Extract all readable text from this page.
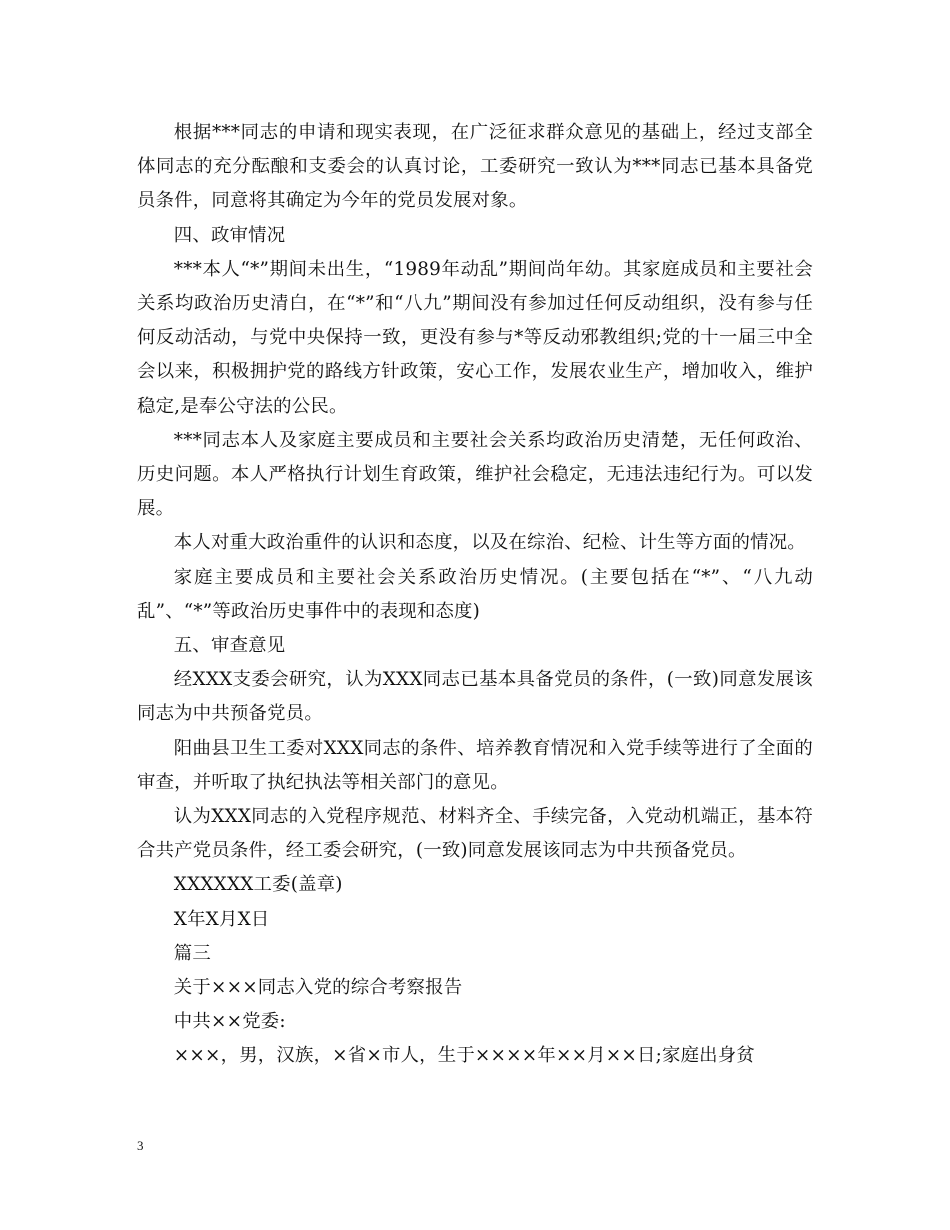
根据***同志的申请和现实表现，在广泛征求群众意见的基础上，经过支部全体同志的充分酝酿和支委会的认真讨论，工委研究一致认为***同志已基本具备党员条件，同意将其确定为今年的党员发展对象。

四、政审情况

***本人“*”期间未出生，“1989年动乱”期间尚年幼。其家庭成员和主要社会关系均政治历史清白，在“*”和“八九”期间没有参加过任何反动组织，没有参与任何反动活动，与党中央保持一致，更没有参与*等反动邪教组织;党的十一届三中全会以来，积极拥护党的路线方针政策，安心工作，发展农业生产，增加收入，维护稳定,是奉公守法的公民。

***同志本人及家庭主要成员和主要社会关系均政治历史清楚，无任何政治、历史问题。本人严格执行计划生育政策，维护社会稳定，无违法违纪行为。可以发展。

本人对重大政治重件的认识和态度，以及在综治、纪检、计生等方面的情况。

家庭主要成员和主要社会关系政治历史情况。(主要包括在“*”、“八九动乱”、“*”等政治历史事件中的表现和态度)

五、审查意见

经XXX支委会研究，认为XXX同志已基本具备党员的条件，(一致)同意发展该同志为中共预备党员。

阳曲县卫生工委对XXX同志的条件、培养教育情况和入党手续等进行了全面的审查，并听取了执纪执法等相关部门的意见。

认为XXX同志的入党程序规范、材料齐全、手续完备，入党动机端正，基本符合共产党员条件，经工委会研究，(一致)同意发展该同志为中共预备党员。

XXXXXX工委(盖章)

X年X月X日

篇三

关于×××同志入党的综合考察报告

中共××党委:

×××，男，汉族，×省×市人，生于××××年××月××日;家庭出身贫

3
